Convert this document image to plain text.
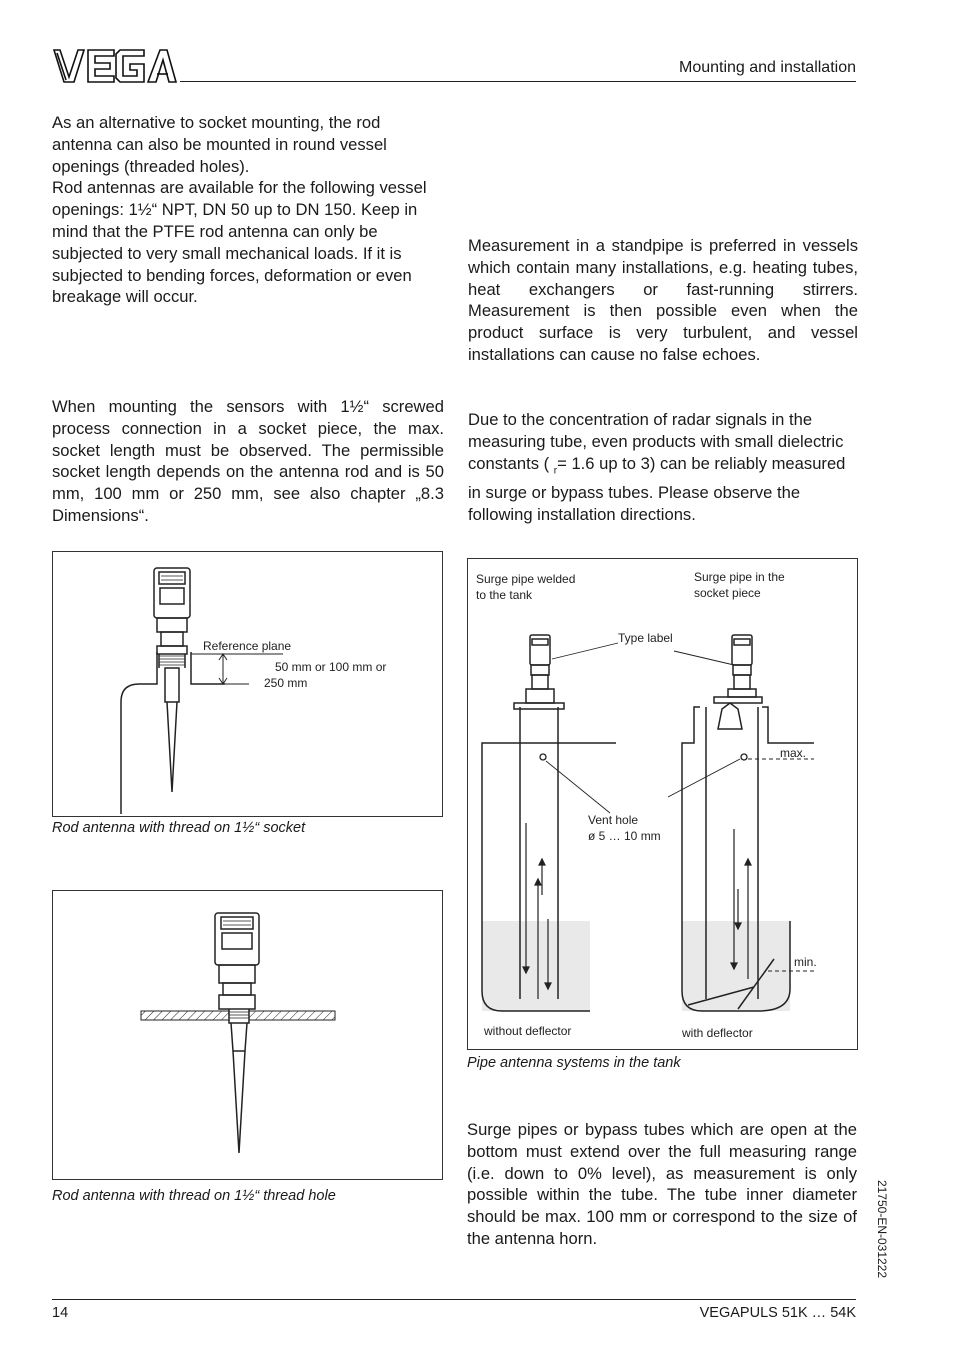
Mounting and installation

As an alternative to socket mounting, the rod antenna can also be mounted in round vessel openings (threaded holes).

Rod antennas are available for the following vessel openings: 1½“ NPT, DN 50 up to DN 150. Keep in mind that the PTFE rod antenna can only be subjected to very small mechanical loads. If it is subjected to bending forces, deformation or even breakage will occur.

When mounting the sensors with 1½“ screwed process connection in a socket piece, the max. socket length must be observed. The permissible socket length depends on the antenna rod and is 50 mm, 100 mm or 250 mm, see also chapter „8.3 Dimensions“.
Reference plane
50 mm or 100 mm or
250 mm
Rod antenna with thread on 1½“ socket
Rod antenna with thread on 1½“ thread hole
Measurement in a standpipe is preferred in vessels which contain many installations, e.g. heating tubes, heat exchangers or fast-running stirrers. Measurement is then possible even when the product surface is very turbulent, and vessel installations can cause no false echoes.
Due to the concentration of radar signals in the measuring tube, even products with small dielectric constants ( $_r$= 1.6 up to 3) can be reliably measured in surge or bypass tubes. Please observe the following installation directions.
Surge pipe welded
to the tank
Surge pipe in the
socket piece
Type label
max.
Vent hole
ø 5 … 10 mm
min.
without deflector	with deflector
Pipe antenna systems in the tank
Surge pipes or bypass tubes which are open at the bottom must extend over the full measuring range (i.e. down to 0% level), as measurement is only possible within the tube. The tube inner diameter should be max. 100 mm or correspond to the size of the antenna horn.	21750-EN-031222
14	VEGAPULS 51K … 54K
